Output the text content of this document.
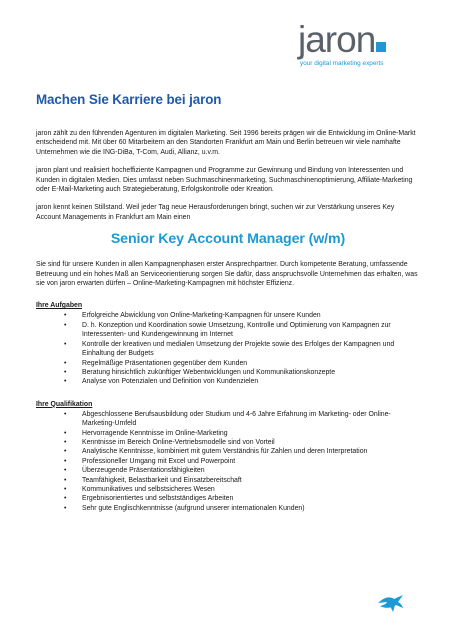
jaron
your digital marketing experts
Machen Sie Karriere bei jaron

jaron zählt zu den führenden Agenturen im digitalen Marketing. Seit 1996 bereits prägen wir die Entwicklung im Online-Markt entscheidend mit. Mit über 60 Mitarbeitern an den Standorten Frankfurt am Main und Berlin betreuen wir viele namhafte Unternehmen wie die ING-DiBa, T-Com, Audi, Allianz, u.v.m.

jaron plant und realisiert hocheffiziente Kampagnen und Programme zur Gewinnung und Bindung von Interessenten und Kunden in digitalen Medien. Dies umfasst neben Suchmaschinenmarketing, Suchmaschinenoptimierung, Affiliate-Marketing oder E-Mail-Marketing auch Strategieberatung, Erfolgskontrolle oder Kreation.

jaron kennt keinen Stillstand. Weil jeder Tag neue Herausforderungen bringt, suchen wir zur Verstärkung unseres Key Account Managements in Frankfurt am Main einen

Senior Key Account Manager (w/m)

Sie sind für unsere Kunden in allen Kampagnenphasen erster Ansprechpartner. Durch kompetente Beratung, umfassende Betreuung und ein hohes Maß an Serviceorientierung sorgen Sie dafür, dass anspruchsvolle Unternehmen das erhalten, was sie von jaron erwarten dürfen – Online-Marketing-Kampagnen mit höchster Effizienz.

Ihre Aufgaben
• Erfolgreiche Abwicklung von Online-Marketing-Kampagnen für unsere Kunden
• D. h. Konzeption und Koordination sowie Umsetzung, Kontrolle und Optimierung von Kampagnen zur Interessenten- und Kundengewinnung im Internet
• Kontrolle der kreativen und medialen Umsetzung der Projekte sowie des Erfolges der Kampagnen und Einhaltung der Budgets
• Regelmäßige Präsentationen gegenüber dem Kunden
• Beratung hinsichtlich zukünftiger Webentwicklungen und Kommunikationskonzepte
• Analyse von Potenzialen und Definition von Kundenzielen
Ihre Qualifikation
• Abgeschlossene Berufsausbildung oder Studium und 4-6 Jahre Erfahrung im Marketing- oder Online-Marketing-Umfeld
• Hervorragende Kenntnisse im Online-Marketing
• Kenntnisse im Bereich Online-Vertriebsmodelle sind von Vorteil
• Analytische Kenntnisse, kombiniert mit gutem Verständnis für Zahlen und deren Interpretation
• Professioneller Umgang mit Excel und Powerpoint
• Überzeugende Präsentationsfähigkeiten
• Teamfähigkeit, Belastbarkeit und Einsatzbereitschaft
• Kommunikatives und selbstsicheres Wesen
• Ergebnisorientiertes und selbstständiges Arbeiten
• Sehr gute Englischkenntnisse (aufgrund unserer internationalen Kunden)
